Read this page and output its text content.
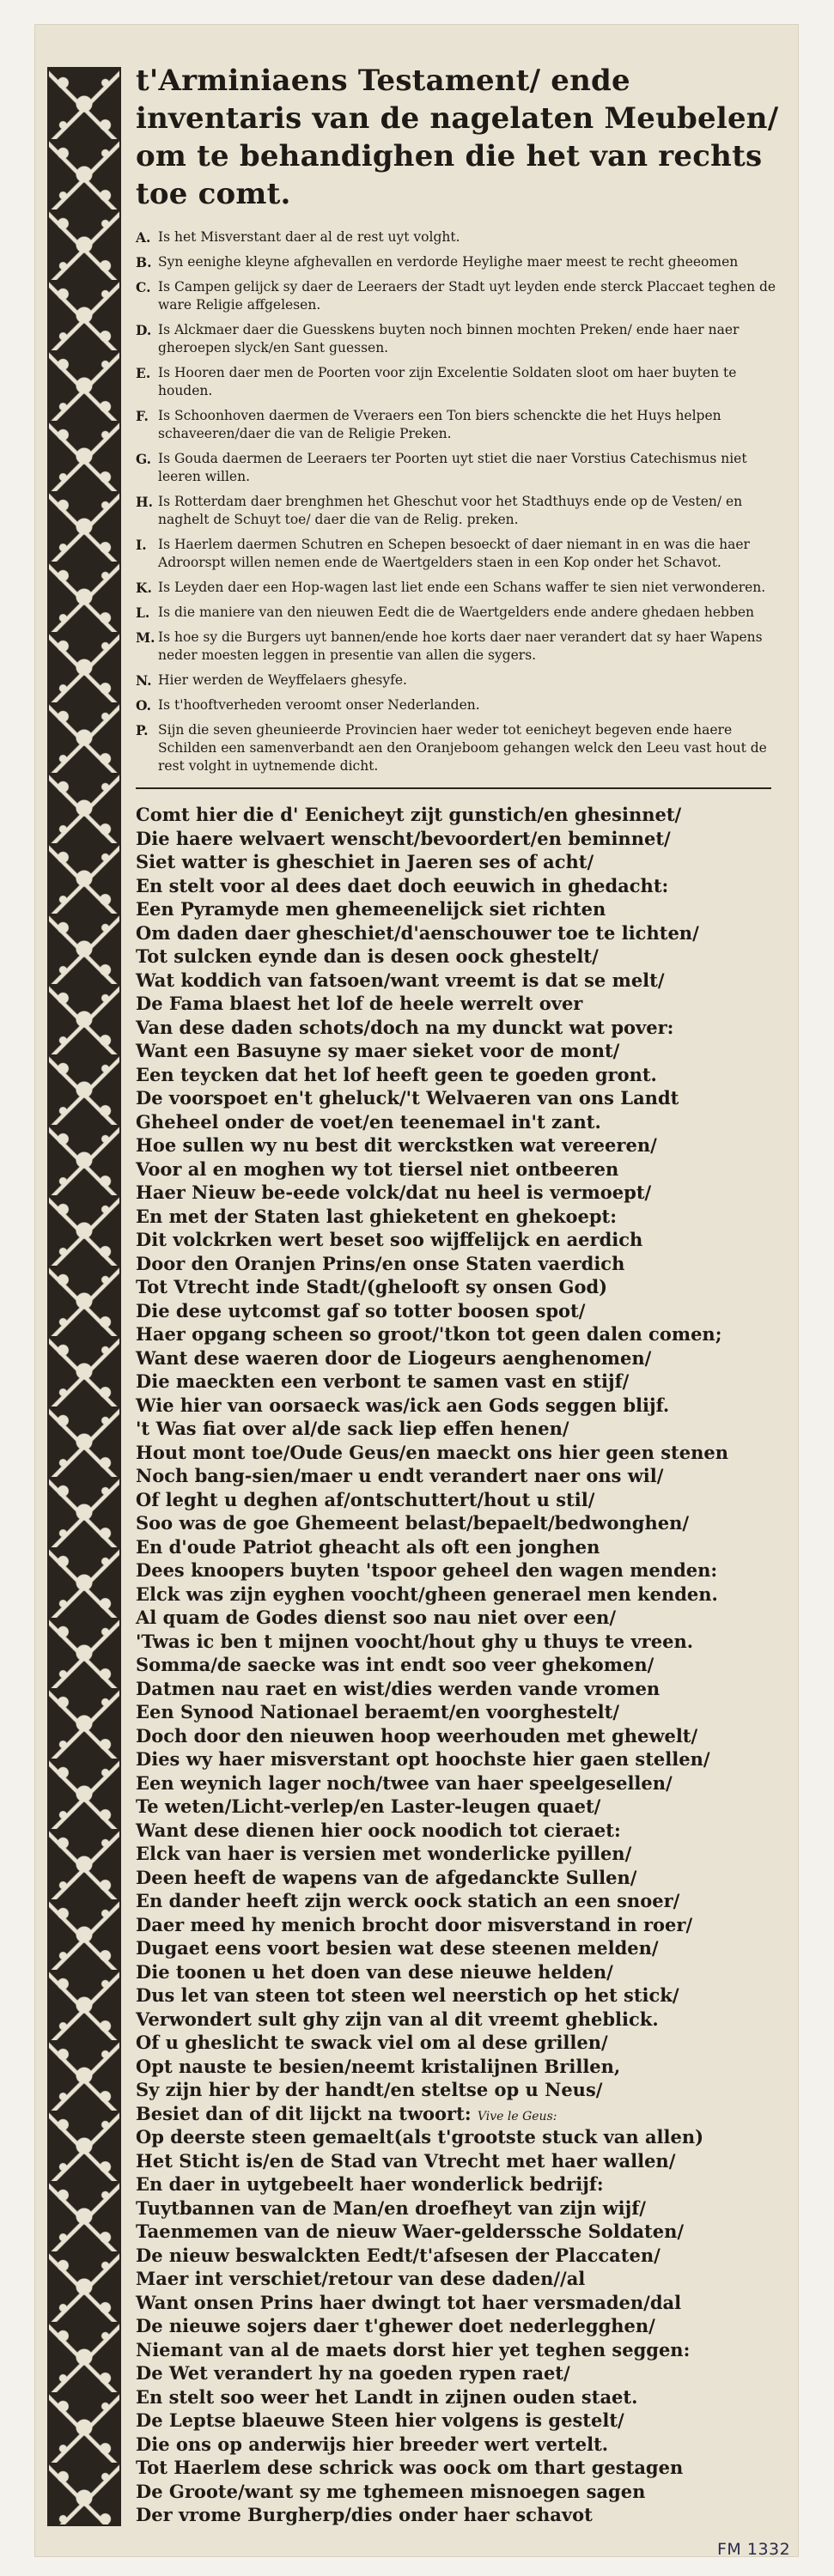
t'Arminiaens Testament/ ende inventaris van de nagelaten Meubelen/ om te behandighen die het van rechts toe comt.
A. Is het Misverstant daer al de rest uyt volght.
B. Syn eenighe kleyne afghevallen en verdorde Heylighe maer meest te recht gheeomen
C. Is Campen gelijck sy daer de Leeraers der Stadt uyt leyden ende sterck Placcaet teghen de ware Religie affgelesen.
D. Is Alckmaer daer die Guesskens buyten noch binnen mochten Preken/ ende haer naer gheroepen slyck/en Sant guessen.
E. Is Hooren daer men de Poorten voor zijn Excelentie Soldaten sloot om haer buyten te houden.
F. Is Schoonhoven daermen de Vveraers een Ton biers schenckte die het Huys helpen schaveeren/daer die van de Religie Preken.
G. Is Gouda daermen de Leeraers ter Poorten uyt stiet die naer Vorstius Catechismus niet leeren willen.
H. Is Rotterdam daer brenghmen het Gheschut voor het Stadthuys ende op de Vesten/ en naghelt de Schuyt toe/ daer die van de Relig. preken.
I. Is Haerlem daermen Schutren en Schepen besoeckt of daer niemant in en was die haer Adroorspt willen nemen ende de Waertgelders staen in een Kop onder het Schavot.
K. Is Leyden daer een Hop-wagen last liet ende een Schans waffer te sien niet verwonderen.
L. Is die maniere van den nieuwen Eedt die de Waertgelders ende andere ghedaen hebben
M. Is hoe sy die Burgers uyt bannen/ende hoe korts daer naer verandert dat sy haer Wapens neder moesten leggen in presentie van allen die sygers.
N. Hier werden de Weyffelaers ghesyfe.
O. Is t'hooftverheden veroomt onser Nederlanden.
P. Sijn die seven gheunieerde Provincien haer weder tot eenicheyt begeven ende haere Schilden een samenverbandt aen den Oranjeboom gehangen welck den Leeu vast hout de rest volght in uytnemende dicht.
Comt hier die d' Eenicheyt zijt gunstich/en ghesinnet/
Die haere welvaert wenscht/bevoordert/en beminnet/
Siet watter is gheschiet in Jaeren ses of acht/
En stelt voor al dees daet doch eeuwich in ghedacht:
Een Pyramyde men ghemeenelijck siet richten
Om daden daer gheschiet/d'aenschouwer toe te lichten/
Tot sulcken eynde dan is desen oock ghestelt/
Wat koddich van fatsoen/want vreemt is dat se melt/
De Fama blaest het lof de heele werrelt over
Van dese daden schots/doch na my dunckt wat pover:
Want een Basuyne sy maer sieket voor de mont/
Een teycken dat het lof heeft geen te goeden gront.
De voorspoet en't gheluck/'t Welvaeren van ons Landt
Gheheel onder de voet/en teenemael in't zant.
Hoe sullen wy nu best dit werckstken wat vereeren/
Voor al en moghen wy tot tiersel niet ontbeeren
Haer Nieuw be-eede volck/dat nu heel is vermoept/
En met der Staten last ghieketent en ghekoept:
Dit volckrken wert beset soo wijffelijck en aerdich
Door den Oranjen Prins/en onse Staten vaerdich
Tot Vtrecht inde Stadt/(ghelooft sy onsen God)
Die dese uytcomst gaf so totter boosen spot/
Haer opgang scheen so groot/'tkon tot geen dalen comen;
Want dese waeren door de Liogeurs aenghenomen/
Die maeckten een verbont te samen vast en stijf/
Wie hier van oorsaeck was/ick aen Gods seggen blijf.
't Was fiat over al/de sack liep effen henen/
Hout mont toe/Oude Geus/en maeckt ons hier geen stenen
Noch bang-sien/maer u endt verandert naer ons wil/
Of leght u deghen af/ontschuttert/hout u stil/
Soo was de goe Ghemeent belast/bepaelt/bedwonghen/
En d'oude Patriot gheacht als oft een jonghen
Dees knoopers buyten 'tspoor geheel den wagen menden:
Elck was zijn eyghen voocht/gheen generael men kenden.
Al quam de Godes dienst soo nau niet over een/
'Twas ic ben t mijnen voocht/hout ghy u thuys te vreen.
Somma/de saecke was int endt soo veer ghekomen/
Datmen nau raet en wist/dies werden vande vromen
Een Synood Nationael beraemt/en voorghestelt/
Doch door den nieuwen hoop weerhouden met ghewelt/
Dies wy haer misverstant opt hoochste hier gaen stellen/
Een weynich lager noch/twee van haer speelgesellen/
Te weten/Licht-verlep/en Laster-leugen quaet/
Want dese dienen hier oock noodich tot cieraet:
Elck van haer is versien met wonderlicke pyillen/
Deen heeft de wapens van de afgedanckte Sullen/
En dander heeft zijn werck oock statich an een snoer/
Daer meed hy menich brocht door misverstand in roer/
Dugaet eens voort besien wat dese steenen melden/
Die toonen u het doen van dese nieuwe helden/
Dus let van steen tot steen wel neerstich op het stick/
Verwondert sult ghy zijn van al dit vreemt gheblick.
Of u gheslicht te swack viel om al dese grillen/
Opt nauste te besien/neemt kristalijnen Brillen,
Sy zijn hier by der handt/en steltse op u Neus/
Besiet dan of dit lijckt na twoort: Vive le Geus:
Op deerste steen gemaelt(als t'grootste stuck van allen)
Het Sticht is/en de Stad van Vtrecht met haer wallen/
En daer in uytgebeelt haer wonderlick bedrijf:
Tuytbannen van de Man/en droefheyt van zijn wijf/
Taenmemen van de nieuw Waer-gelderssche Soldaten/
De nieuw beswalckten Eedt/t'afsesen der Placcaten/
Maer int verschiet/retour van dese daden//al
Want onsen Prins haer dwingt tot haer versmaden/dal
De nieuwe sojers daer t'ghewer doet nederlegghen/
Niemant van al de maets dorst hier yet teghen seggen:
De Wet verandert hy na goeden rypen raet/
En stelt soo weer het Landt in zijnen ouden staet.
De Leptse blaeuwe Steen hier volgens is gestelt/
Die ons op anderwijs hier breeder wert vertelt.
Tot Haerlem dese schrick was oock om thart gestagen
De Groote/want sy me tghemeen misnoegen sagen
Der vrome Burgherp/dies onder haer schavot
FM 1332
